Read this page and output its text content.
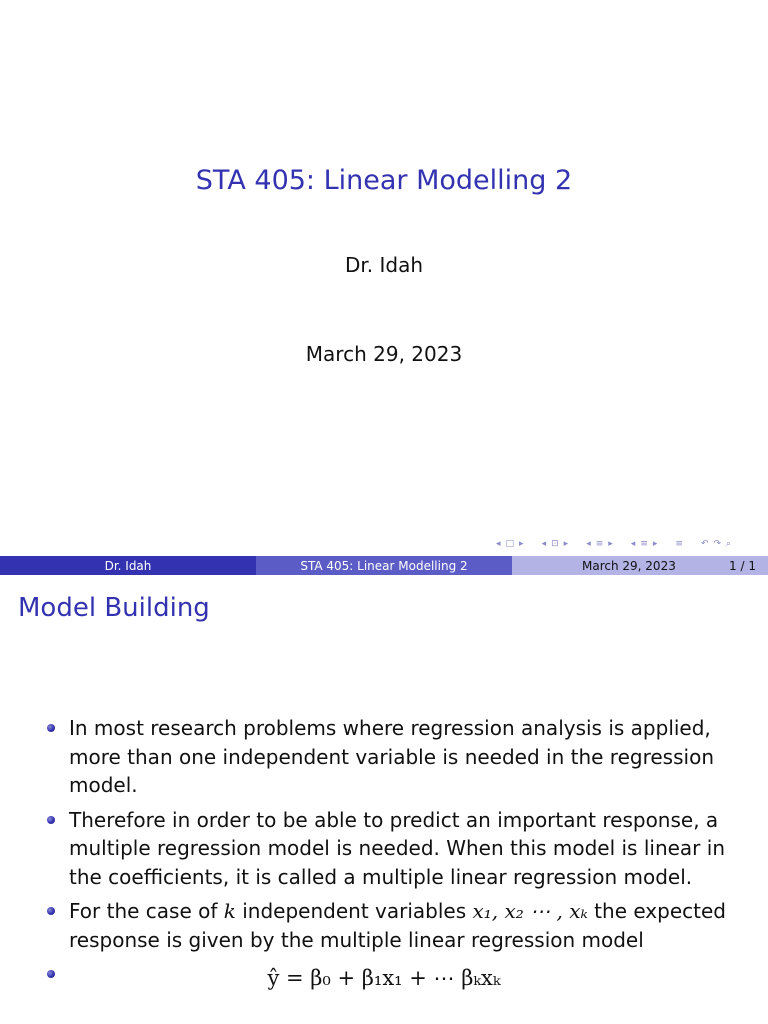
STA 405: Linear Modelling 2
Dr. Idah
March 29, 2023
◂ □ ▸ ◂ ⊡ ▸ ◂ ≡ ▸ ◂ ≡ ▸ ≡ ↶ ↷ ⌕
Dr. Idah	STA 405: Linear Modelling 2	March 29, 2023	1 / 1
Model Building
In most research problems where regression analysis is applied, more than one independent variable is needed in the regression model.
Therefore in order to be able to predict an important response, a multiple regression model is needed. When this model is linear in the coefficients, it is called a multiple linear regression model.
For the case of k independent variables x₁, x₂ ⋯ , xₖ the expected response is given by the multiple linear regression model
ŷ = β₀ + β₁x₁ + ⋯ βₖxₖ
